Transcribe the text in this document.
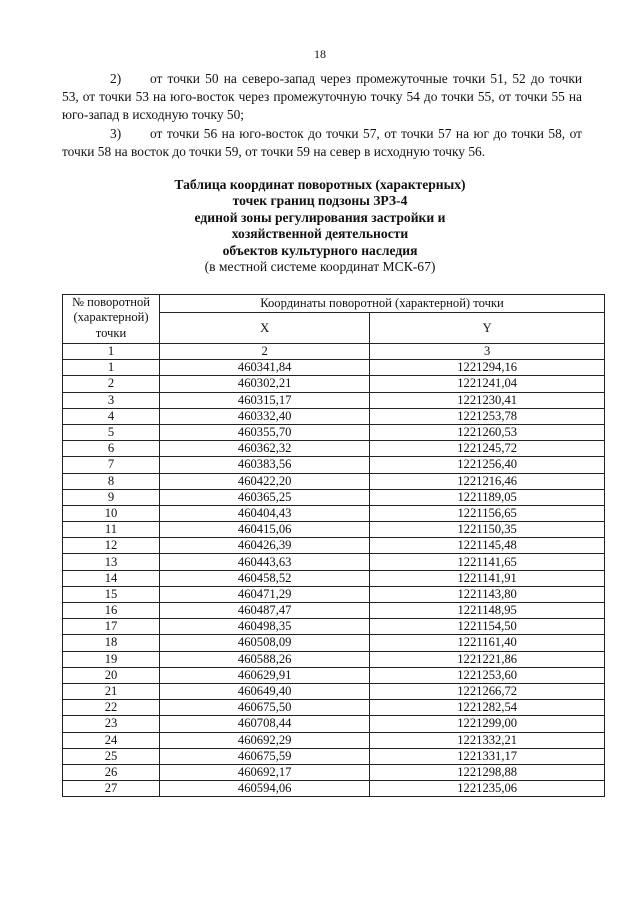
18
2) от точки 50 на северо-запад через промежуточные точки 51, 52 до точки 53, от точки 53 на юго-восток через промежуточную точку 54 до точки 55, от точки 55 на юго-запад в исходную точку 50;
3) от точки 56 на юго-восток до точки 57, от точки 57 на юг до точки 58, от точки 58 на восток до точки 59, от точки 59 на север в исходную точку 56.
Таблица координат поворотных (характерных)
точек границ подзоны ЗРЗ-4
единой зоны регулирования застройки и
хозяйственной деятельности
объектов культурного наследия
(в местной системе координат МСК-67)
№ поворотной (характерной) точки	Координаты поворотной (характерной) точки	
	X	Y
1	2	3
1	460341,84	1221294,16
2	460302,21	1221241,04
3	460315,17	1221230,41
4	460332,40	1221253,78
5	460355,70	1221260,53
6	460362,32	1221245,72
7	460383,56	1221256,40
8	460422,20	1221216,46
9	460365,25	1221189,05
10	460404,43	1221156,65
11	460415,06	1221150,35
12	460426,39	1221145,48
13	460443,63	1221141,65
14	460458,52	1221141,91
15	460471,29	1221143,80
16	460487,47	1221148,95
17	460498,35	1221154,50
18	460508,09	1221161,40
19	460588,26	1221221,86
20	460629,91	1221253,60
21	460649,40	1221266,72
22	460675,50	1221282,54
23	460708,44	1221299,00
24	460692,29	1221332,21
25	460675,59	1221331,17
26	460692,17	1221298,88
27	460594,06	1221235,06
